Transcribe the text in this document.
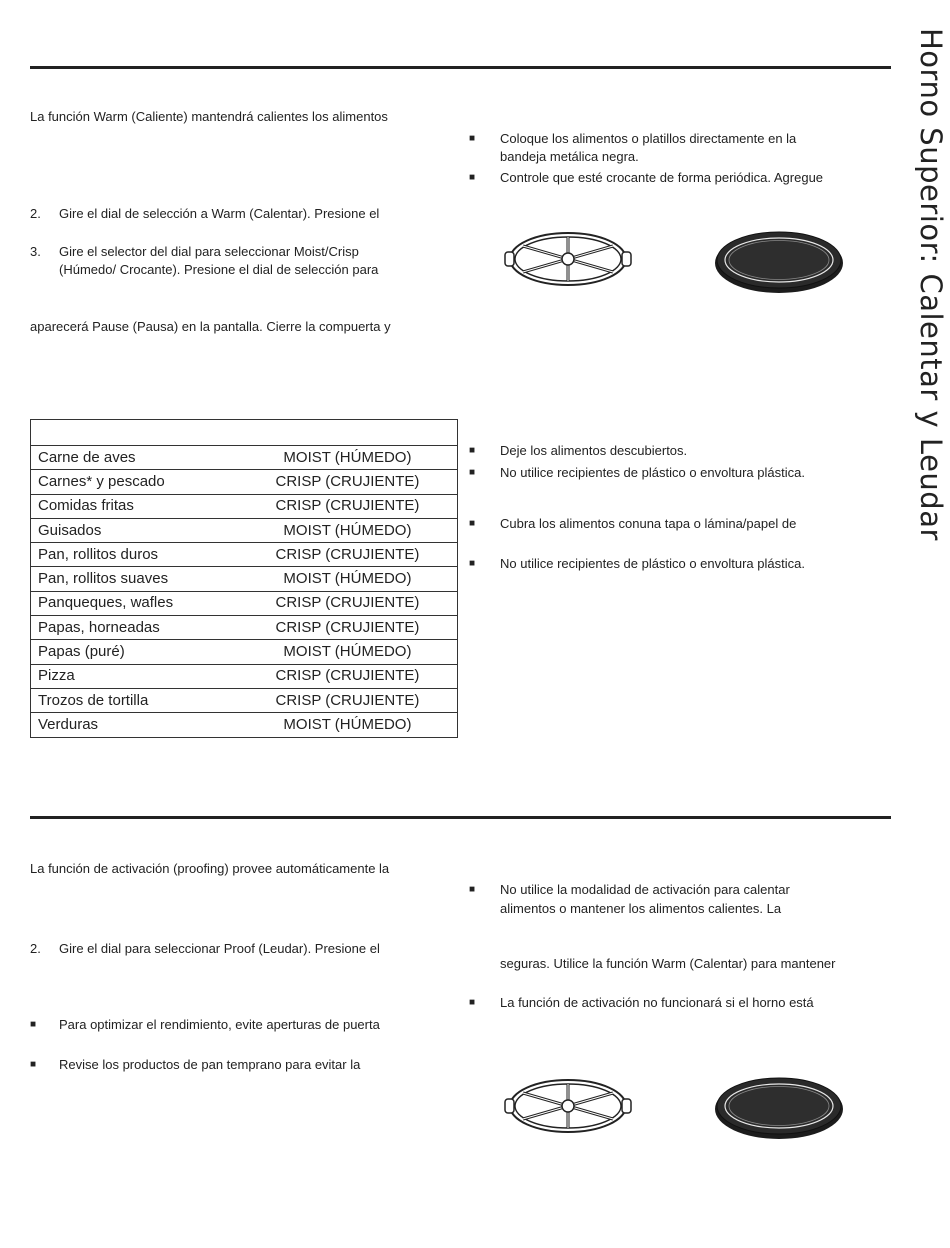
Horno Superior: Calentar y Leudar
La función Warm (Caliente) mantendrá calientes los alimentos
2. Gire el dial de selección a Warm (Calentar). Presione el
3. Gire el selector del dial para seleccionar Moist/Crisp
(Húmedo/ Crocante). Presione el dial de selección para
aparecerá Pause (Pausa) en la pantalla. Cierre la compuerta y
■ Coloque los alimentos o platillos directamente en la
bandeja metálica negra.
■ Controle que esté crocante de forma periódica. Agregue

Carne de aves	MOIST (HÚMEDO)
Carnes* y pescado	CRISP (CRUJIENTE)
Comidas fritas	CRISP (CRUJIENTE)
Guisados	MOIST (HÚMEDO)
Pan, rollitos duros	CRISP (CRUJIENTE)
Pan, rollitos suaves	MOIST (HÚMEDO)
Panqueques, wafles	CRISP (CRUJIENTE)
Papas, horneadas	CRISP (CRUJIENTE)
Papas (puré)	MOIST (HÚMEDO)
Pizza	CRISP (CRUJIENTE)
Trozos de tortilla	CRISP (CRUJIENTE)
Verduras	MOIST (HÚMEDO)
■ Deje los alimentos descubiertos.
■ No utilice recipientes de plástico o envoltura plástica.
■ Cubra los alimentos conuna tapa o lámina/papel de
■ No utilice recipientes de plástico o envoltura plástica.
La función de activación (proofing) provee automáticamente la
2. Gire el dial para seleccionar Proof (Leudar). Presione el
■ Para optimizar el rendimiento, evite aperturas de puerta
■ Revise los productos de pan temprano para evitar la
■ No utilice la modalidad de activación para calentar
alimentos o mantener los alimentos calientes. La
seguras. Utilice la función Warm (Calentar) para mantener
■ La función de activación no funcionará si el horno está
